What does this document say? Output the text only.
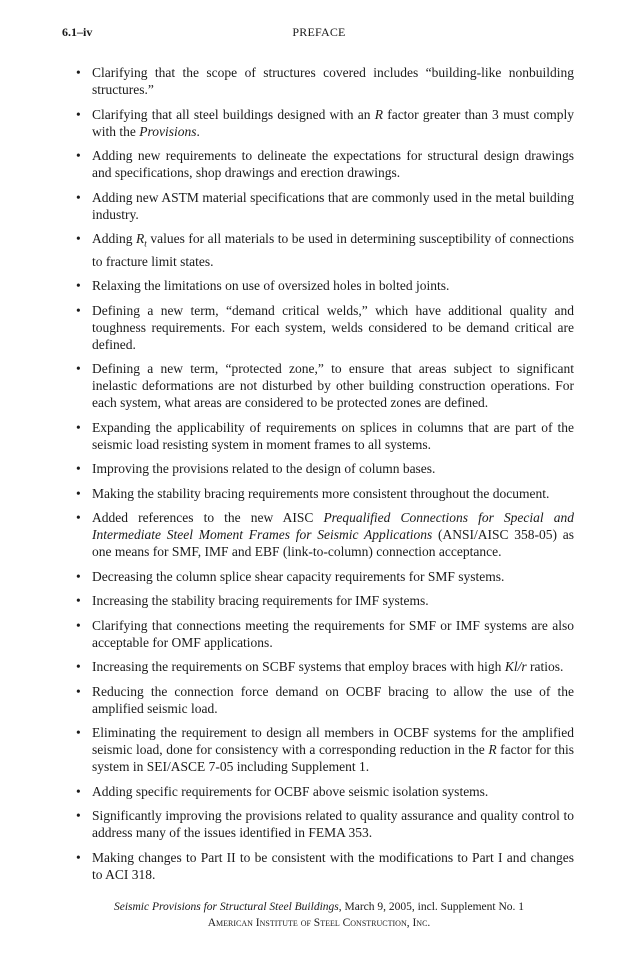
6.1–iv	PREFACE
• Clarifying that the scope of structures covered includes “building-like nonbuilding structures.”
• Clarifying that all steel buildings designed with an R factor greater than 3 must comply with the Provisions.
• Adding new requirements to delineate the expectations for structural design drawings and specifications, shop drawings and erection drawings.
• Adding new ASTM material specifications that are commonly used in the metal building industry.
• Adding $R_t$ values for all materials to be used in determining susceptibility of connections to fracture limit states.
• Relaxing the limitations on use of oversized holes in bolted joints.
• Defining a new term, “demand critical welds,” which have additional quality and toughness requirements. For each system, welds considered to be demand critical are defined.
• Defining a new term, “protected zone,” to ensure that areas subject to significant inelastic deformations are not disturbed by other building construction operations. For each system, what areas are considered to be protected zones are defined.
• Expanding the applicability of requirements on splices in columns that are part of the seismic load resisting system in moment frames to all systems.
• Improving the provisions related to the design of column bases.
• Making the stability bracing requirements more consistent throughout the document.
• Added references to the new AISC Prequalified Connections for Special and Intermediate Steel Moment Frames for Seismic Applications (ANSI/AISC 358-05) as one means for SMF, IMF and EBF (link-to-column) connection acceptance.
• Decreasing the column splice shear capacity requirements for SMF systems.
• Increasing the stability bracing requirements for IMF systems.
• Clarifying that connections meeting the requirements for SMF or IMF systems are also acceptable for OMF applications.
• Increasing the requirements on SCBF systems that employ braces with high Kl/r ratios.
• Reducing the connection force demand on OCBF bracing to allow the use of the amplified seismic load.
• Eliminating the requirement to design all members in OCBF systems for the amplified seismic load, done for consistency with a corresponding reduction in the R factor for this system in SEI/ASCE 7-05 including Supplement 1.
• Adding specific requirements for OCBF above seismic isolation systems.
• Significantly improving the provisions related to quality assurance and quality control to address many of the issues identified in FEMA 353.
• Making changes to Part II to be consistent with the modifications to Part I and changes to ACI 318.
Seismic Provisions for Structural Steel Buildings, March 9, 2005, incl. Supplement No. 1
American Institute of Steel Construction, Inc.
